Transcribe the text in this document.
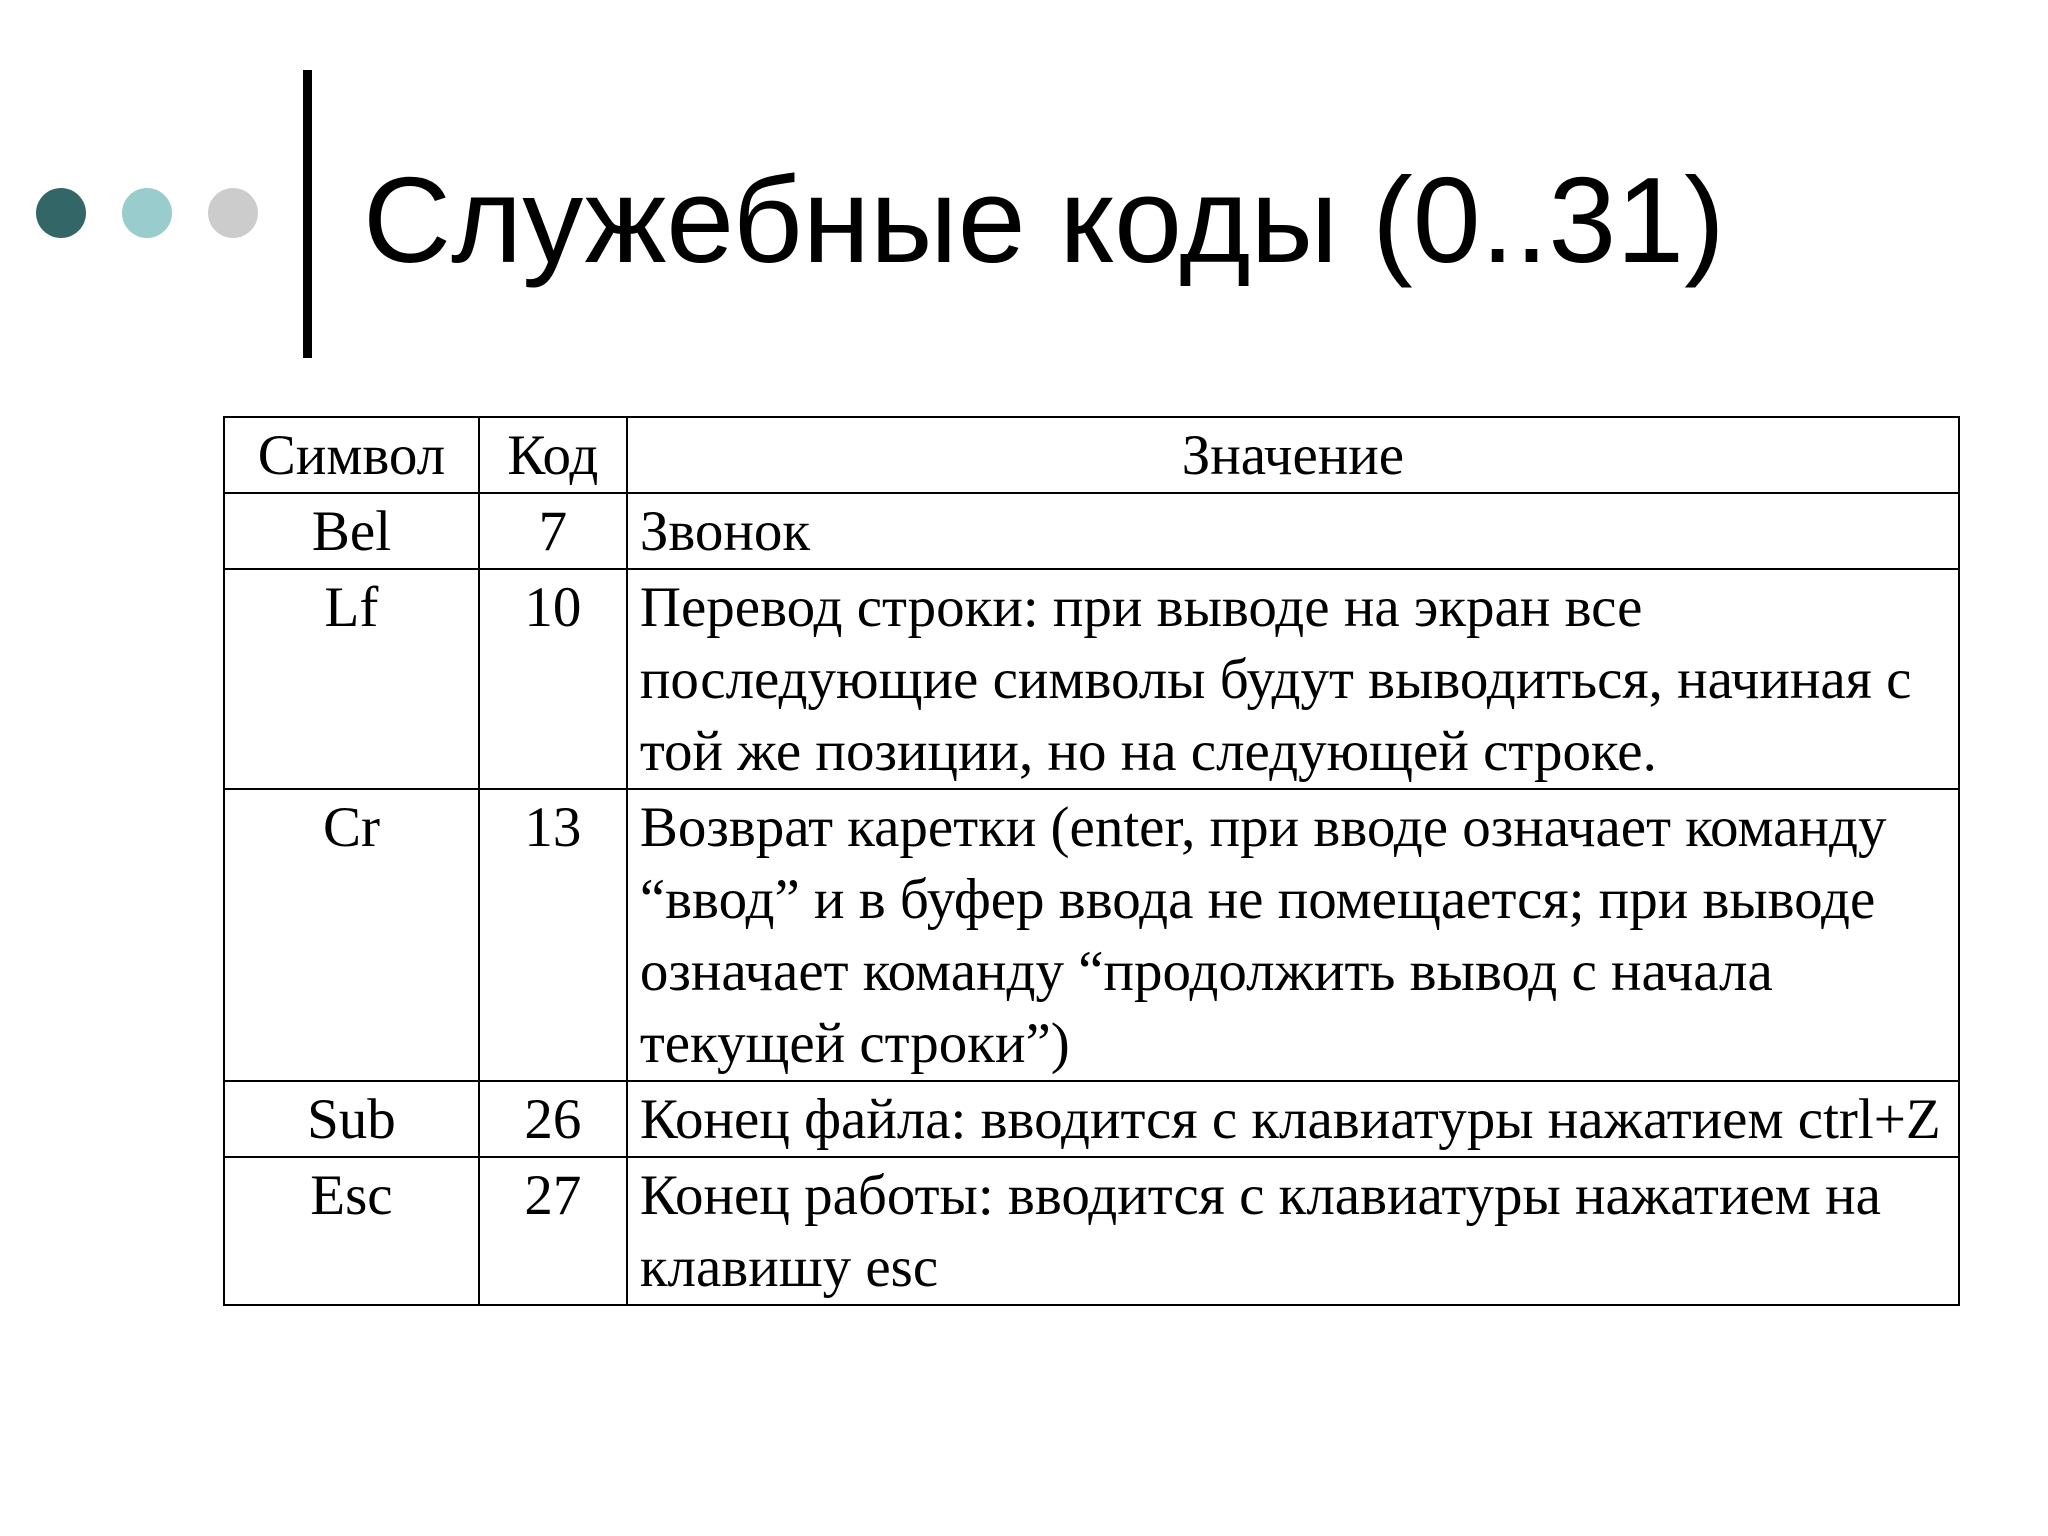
Служебные коды (0..31)
Символ	Код	Значение
Bel	7	Звонок
Lf	10	Перевод строки: при выводе на экран все последующие символы будут выводиться, начиная с той же позиции, но на следующей строке.
Cr	13	Возврат каретки (enter, при вводе означает команду “ввод” и в буфер ввода не помещается; при выводе означает команду “продолжить вывод с начала текущей строки”)
Sub	26	Конец файла: вводится с клавиатуры нажатием ctrl+Z
Esc	27	Конец работы: вводится с клавиатуры нажатием на клавишу esc
